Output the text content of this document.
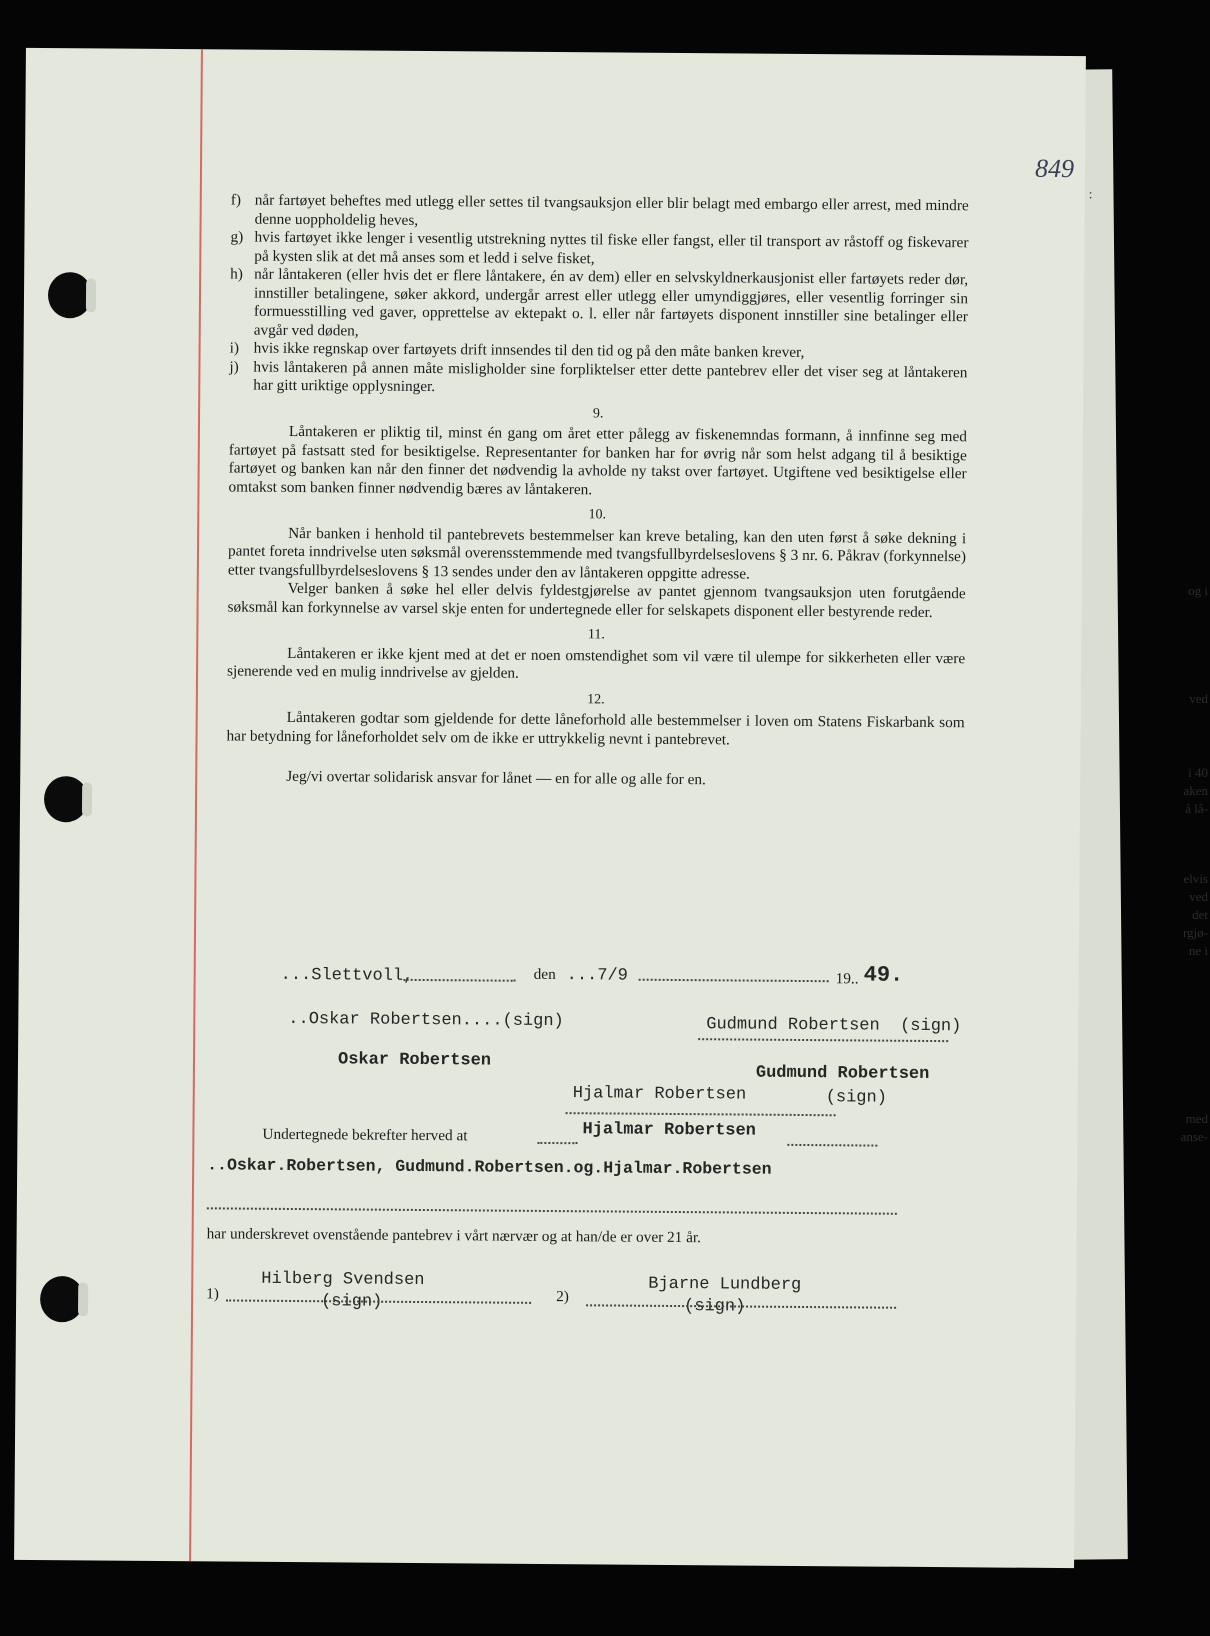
849
:
f) når fartøyet beheftes med utlegg eller settes til tvangsauksjon eller blir belagt med embargo eller arrest, med mindre denne uoppholdelig heves,
g) hvis fartøyet ikke lenger i vesentlig utstrekning nyttes til fiske eller fangst, eller til transport av råstoff og fiskevarer på kysten slik at det må anses som et ledd i selve fisket,
h) når låntakeren (eller hvis det er flere låntakere, én av dem) eller en selvskyldnerkausjonist eller fartøyets reder dør, innstiller betalingene, søker akkord, undergår arrest eller utlegg eller umyndiggjøres, eller vesentlig forringer sin formuesstilling ved gaver, opprettelse av ektepakt o. l. eller når fartøyets disponent innstiller sine betalinger eller avgår ved døden,
i) hvis ikke regnskap over fartøyets drift innsendes til den tid og på den måte banken krever,
j) hvis låntakeren på annen måte misligholder sine forpliktelser etter dette pantebrev eller det viser seg at låntakeren har gitt uriktige opplysninger.
9.
Låntakeren er pliktig til, minst én gang om året etter pålegg av fiskenemndas formann, å innfinne seg med fartøyet på fastsatt sted for besiktigelse. Representanter for banken har for øvrig når som helst adgang til å besiktige fartøyet og banken kan når den finner det nødvendig la avholde ny takst over fartøyet. Utgiftene ved besiktigelse eller omtakst som banken finner nødvendig bæres av låntakeren.
10.
Når banken i henhold til pantebrevets bestemmelser kan kreve betaling, kan den uten først å søke dekning i pantet foreta inndrivelse uten søksmål overensstemmende med tvangsfullbyrdelseslovens § 3 nr. 6. Påkrav (forkynnelse) etter tvangsfullbyrdelseslovens § 13 sendes under den av låntakeren oppgitte adresse.
Velger banken å søke hel eller delvis fyldestgjørelse av pantet gjennom tvangsauksjon uten forutgående søksmål kan forkynnelse av varsel skje enten for undertegnede eller for selskapets disponent eller bestyrende reder.
11.
Låntakeren er ikke kjent med at det er noen omstendighet som vil være til ulempe for sikkerheten eller være sjenerende ved en mulig inndrivelse av gjelden.
12.
Låntakeren godtar som gjeldende for dette låneforhold alle bestemmelser i loven om Statens Fiskarbank som har betydning for låneforholdet selv om de ikke er uttrykkelig nevnt i pantebrevet.
Jeg/vi overtar solidarisk ansvar for lånet — en for alle og alle for en.
...Slettvoll,	den ...7/9	19.. 49.
..Oskar Robertsen....(sign)	Gudmund Robertsen  (sign)
Oskar Robertsen
Gudmund Robertsen
Hjalmar Robertsen	(sign)
Undertegnede bekrefter herved at	Hjalmar Robertsen
..Oskar.Robertsen, Gudmund.Robertsen.og.Hjalmar.Robertsen
har underskrevet ovenstående pantebrev i vårt nærvær og at han/de er over 21 år.
1)
Hilberg Svendsen
(sign)	2)
Bjarne Lundberg
(sign)
og i
ved
i 40
aken
å lå-
elvis
ved
det
rgjø-
ne i
med
anse-
